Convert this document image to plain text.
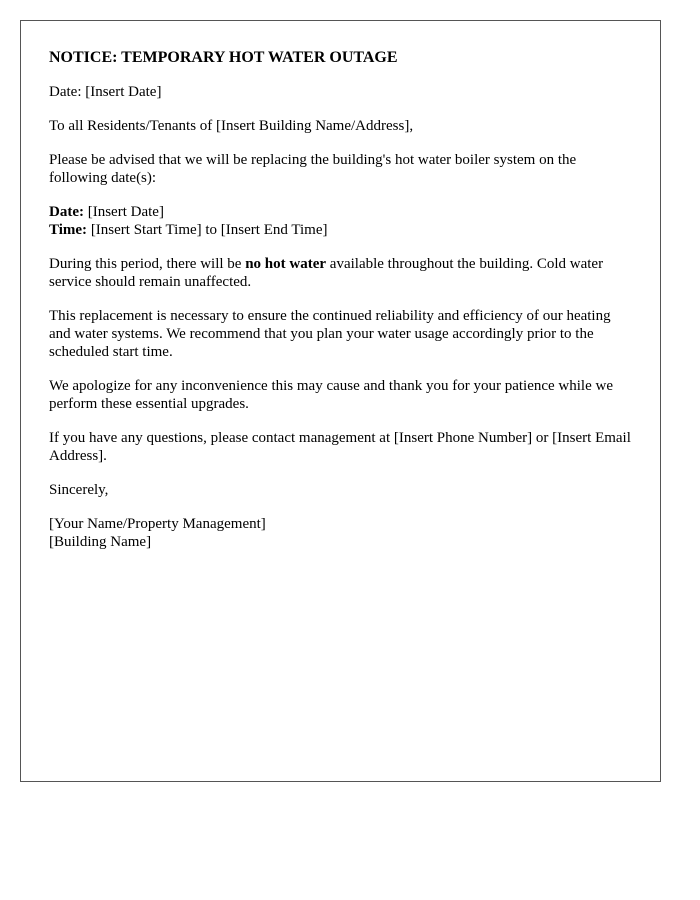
NOTICE: TEMPORARY HOT WATER OUTAGE

Date: [Insert Date]

To all Residents/Tenants of [Insert Building Name/Address],

Please be advised that we will be replacing the building's hot water boiler system on the following date(s):

Date: [Insert Date]
Time: [Insert Start Time] to [Insert End Time]

During this period, there will be no hot water available throughout the building. Cold water service should remain unaffected.

This replacement is necessary to ensure the continued reliability and efficiency of our heating and water systems. We recommend that you plan your water usage accordingly prior to the scheduled start time.

We apologize for any inconvenience this may cause and thank you for your patience while we perform these essential upgrades.

If you have any questions, please contact management at [Insert Phone Number] or [Insert Email Address].

Sincerely,

[Your Name/Property Management]
[Building Name]
